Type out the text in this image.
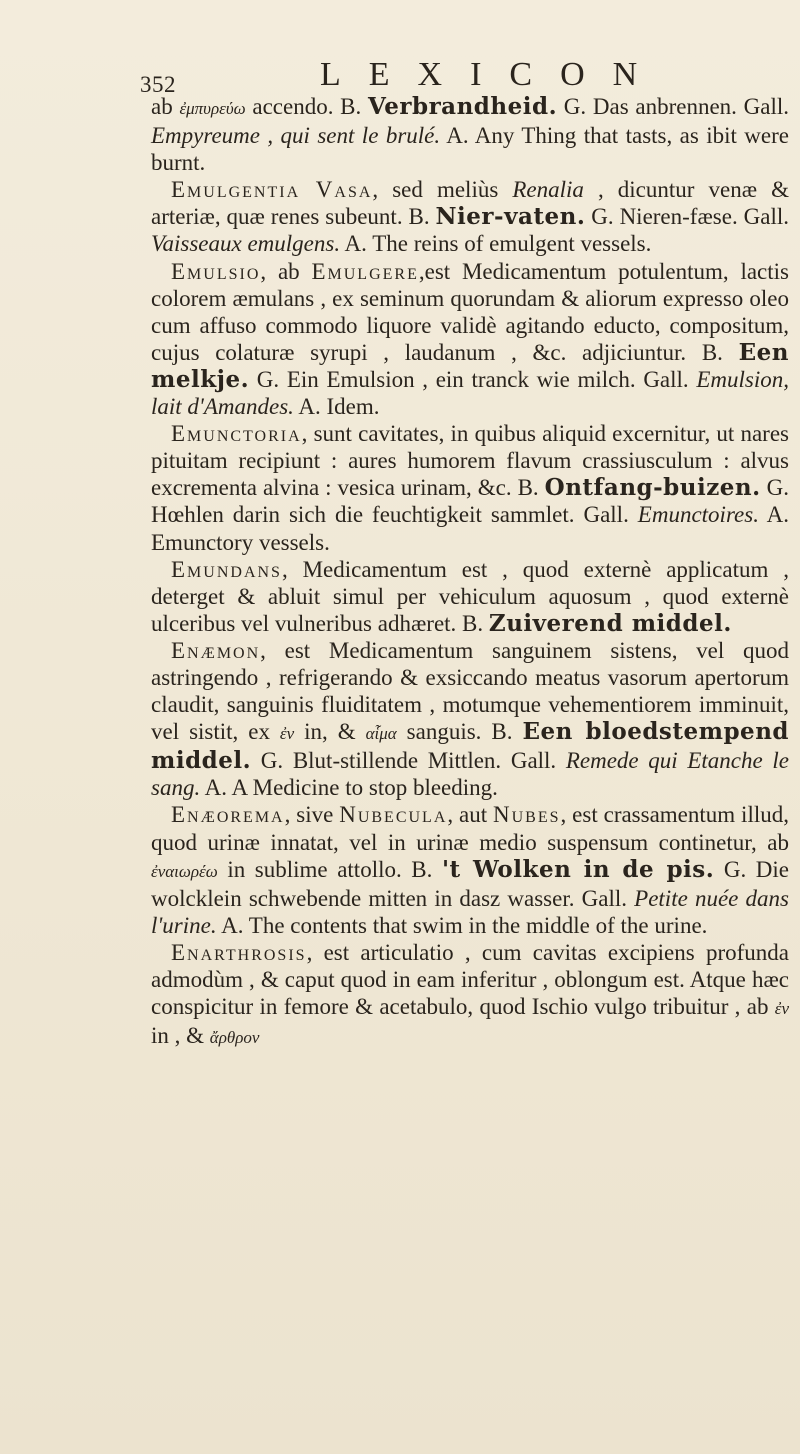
352	LEXICON

ab ἐμπυρεύω accendo. B. Verbrandheid. G. Das anbrennen. Gall. Empyreume , qui sent le brulé. A. Any Thing that tasts, as ibit were burnt.

Emulgentia Vasa, sed meliùs Renalia , dicuntur venæ & arteriæ, quæ renes subeunt. B. Nier-vaten. G. Nieren-fæse. Gall. Vaisseaux emulgens. A. The reins of emulgent vessels.

Emulsio, ab Emulgere,est Medicamentum potulentum, lactis colorem æmulans , ex seminum quorundam & aliorum expresso oleo cum affuso commodo liquore validè agitando educto, compositum, cujus colaturæ syrupi , laudanum , &c. adjiciuntur. B. Een melkje. G. Ein Emulsion , ein tranck wie milch. Gall. Emulsion, lait d'Amandes. A. Idem.

Emunctoria, sunt cavitates, in quibus aliquid excernitur, ut nares pituitam recipiunt : aures humorem flavum crassiusculum : alvus excrementa alvina : vesica urinam, &c. B. Ontfang-buizen. G. Hœhlen darin sich die feuchtigkeit sammlet. Gall. Emunctoires. A. Emunctory vessels.

Emundans, Medicamentum est , quod externè applicatum , deterget & abluit simul per vehiculum aquosum , quod externè ulceribus vel vulneribus adhæret. B. Zuiverend middel.

Enæmon, est Medicamentum sanguinem sistens, vel quod astringendo , refrigerando & exsiccando meatus vasorum apertorum claudit, sanguinis fluiditatem , motumque vehementiorem imminuit, vel sistit, ex ἐν in, & αἷμα sanguis. B. Een bloedstempend middel. G. Blut-stillende Mittlen. Gall. Remede qui Etanche le sang. A. A Medicine to stop bleeding.

Enæorema, sive Nubecula, aut Nubes, est crassamentum illud, quod urinæ innatat, vel in urinæ medio suspensum continetur, ab ἐναιωρέω in sublime attollo. B. 't Wolken in de pis. G. Die wolcklein schwebende mitten in dasz wasser. Gall. Petite nuée dans l'urine. A. The contents that swim in the middle of the urine.

Enarthrosis, est articulatio , cum cavitas excipiens profunda admodùm , & caput quod in eam inferitur , oblongum est. Atque hæc conspicitur in femore & acetabulo, quod Ischio vulgo tribuitur , ab ἐν in , & ἄρθρον
